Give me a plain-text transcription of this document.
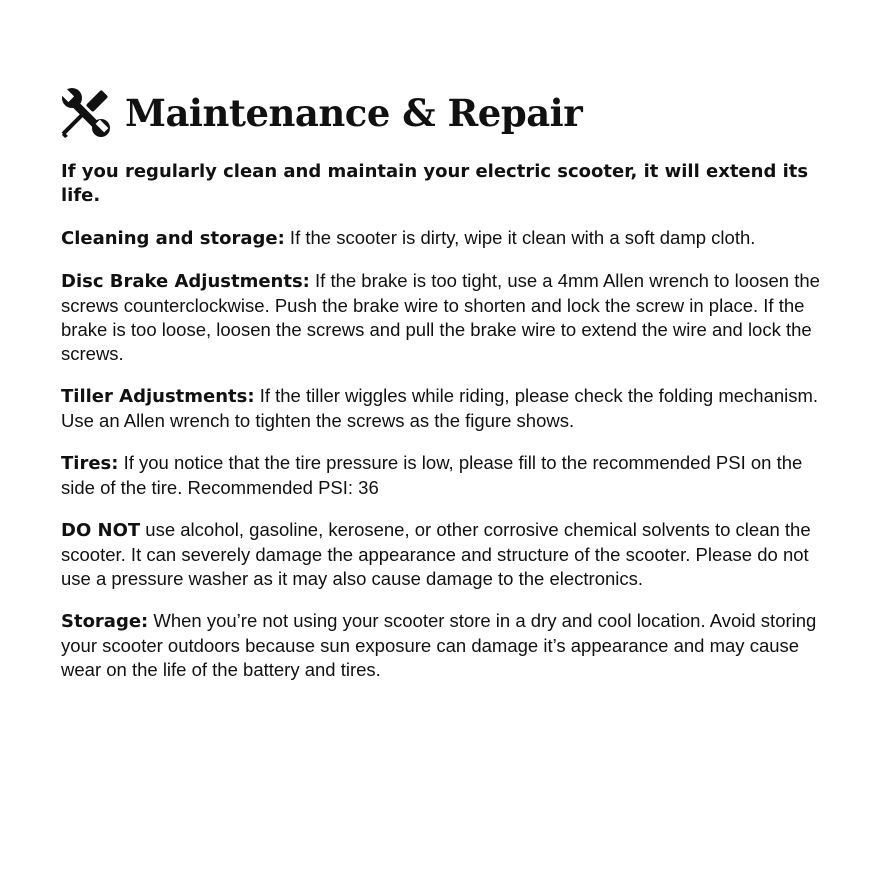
Maintenance & Repair

If you regularly clean and maintain your electric scooter, it will extend its life.

Cleaning and storage: If the scooter is dirty, wipe it clean with a soft damp cloth.

Disc Brake Adjustments: If the brake is too tight, use a 4mm Allen wrench to loosen the screws counterclockwise. Push the brake wire to shorten and lock the screw in place. If the brake is too loose, loosen the screws and pull the brake wire to extend the wire and lock the screws.

Tiller Adjustments: If the tiller wiggles while riding, please check the folding mechanism. Use an Allen wrench to tighten the screws as the figure shows.

Tires: If you notice that the tire pressure is low, please fill to the recommended PSI on the side of the tire. Recommended PSI: 36

DO NOT use alcohol, gasoline, kerosene, or other corrosive chemical solvents to clean the scooter. It can severely damage the appearance and structure of the scooter. Please do not use a pressure washer as it may also cause damage to the electronics.

Storage: When you’re not using your scooter store in a dry and cool location. Avoid storing your scooter outdoors because sun exposure can damage it’s appearance and may cause wear on the life of the battery and tires.
